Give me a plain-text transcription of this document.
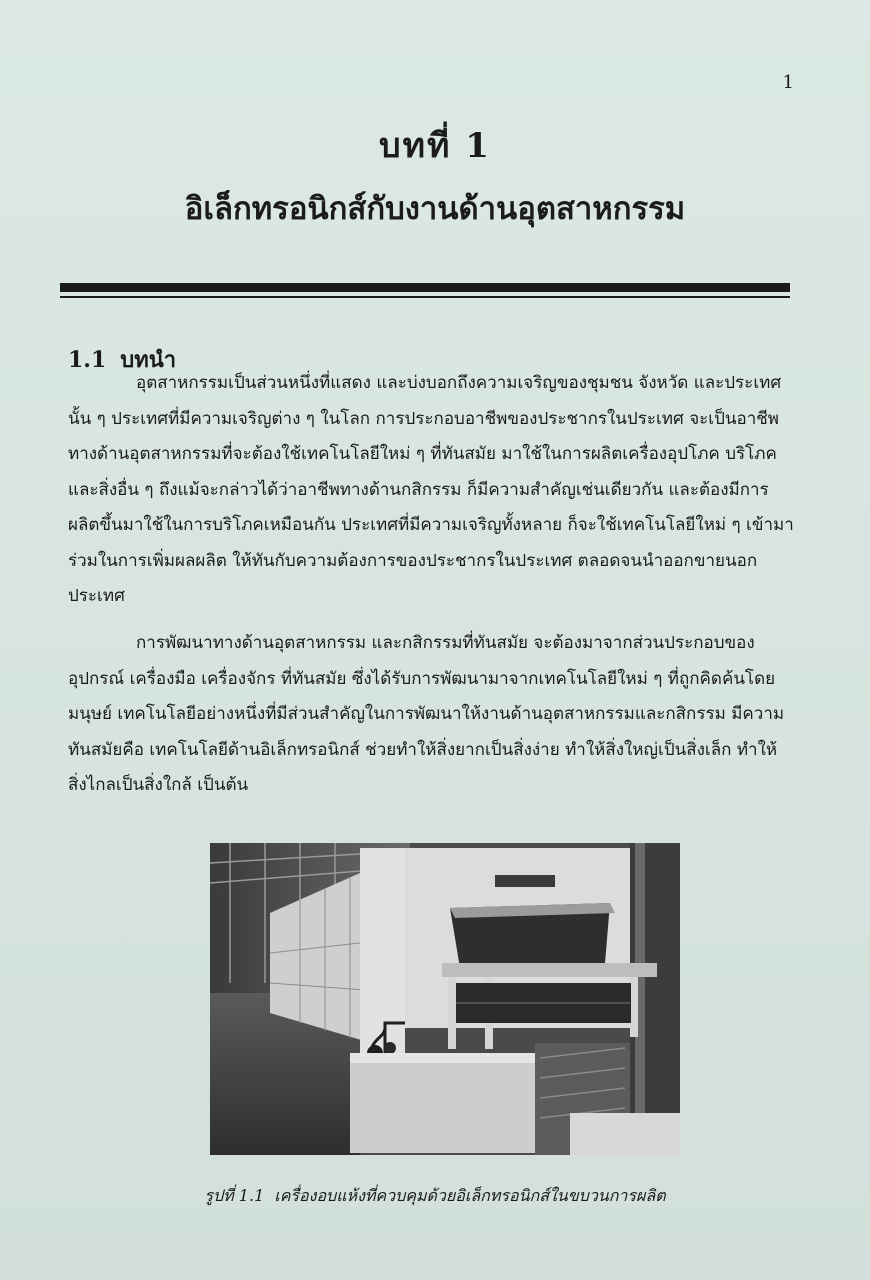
1
บทที่ 1
อิเล็กทรอนิกส์กับงานด้านอุตสาหกรรม
1.1 บทนำ
อุตสาหกรรมเป็นส่วนหนึ่งที่แสดง และบ่งบอกถึงความเจริญของชุมชน จังหวัด และประเทศ
นั้น ๆ ประเทศที่มีความเจริญต่าง ๆ ในโลก การประกอบอาชีพของประชากรในประเทศ จะเป็นอาชีพ
ทางด้านอุตสาหกรรมที่จะต้องใช้เทคโนโลยีใหม่ ๆ ที่ทันสมัย มาใช้ในการผลิตเครื่องอุปโภค บริโภค
และสิ่งอื่น ๆ ถึงแม้จะกล่าวได้ว่าอาชีพทางด้านกสิกรรม ก็มีความสำคัญเช่นเดียวกัน และต้องมีการ
ผลิตขึ้นมาใช้ในการบริโภคเหมือนกัน ประเทศที่มีความเจริญทั้งหลาย ก็จะใช้เทคโนโลยีใหม่ ๆ เข้ามา
ร่วมในการเพิ่มผลผลิต ให้ทันกับความต้องการของประชากรในประเทศ ตลอดจนนำออกขายนอก
ประเทศ
การพัฒนาทางด้านอุตสาหกรรม และกสิกรรมที่ทันสมัย จะต้องมาจากส่วนประกอบของ
อุปกรณ์ เครื่องมือ เครื่องจักร ที่ทันสมัย ซึ่งได้รับการพัฒนามาจากเทคโนโลยีใหม่ ๆ ที่ถูกคิดค้นโดย
มนุษย์ เทคโนโลยีอย่างหนึ่งที่มีส่วนสำคัญในการพัฒนาให้งานด้านอุตสาหกรรมและกสิกรรม มีความ
ทันสมัยคือ เทคโนโลยีด้านอิเล็กทรอนิกส์ ช่วยทำให้สิ่งยากเป็นสิ่งง่าย ทำให้สิ่งใหญ่เป็นสิ่งเล็ก ทำให้
สิ่งไกลเป็นสิ่งใกล้ เป็นต้น
รูปที่ 1.1 เครื่องอบแห้งที่ควบคุมด้วยอิเล็กทรอนิกส์ในขบวนการผลิต
